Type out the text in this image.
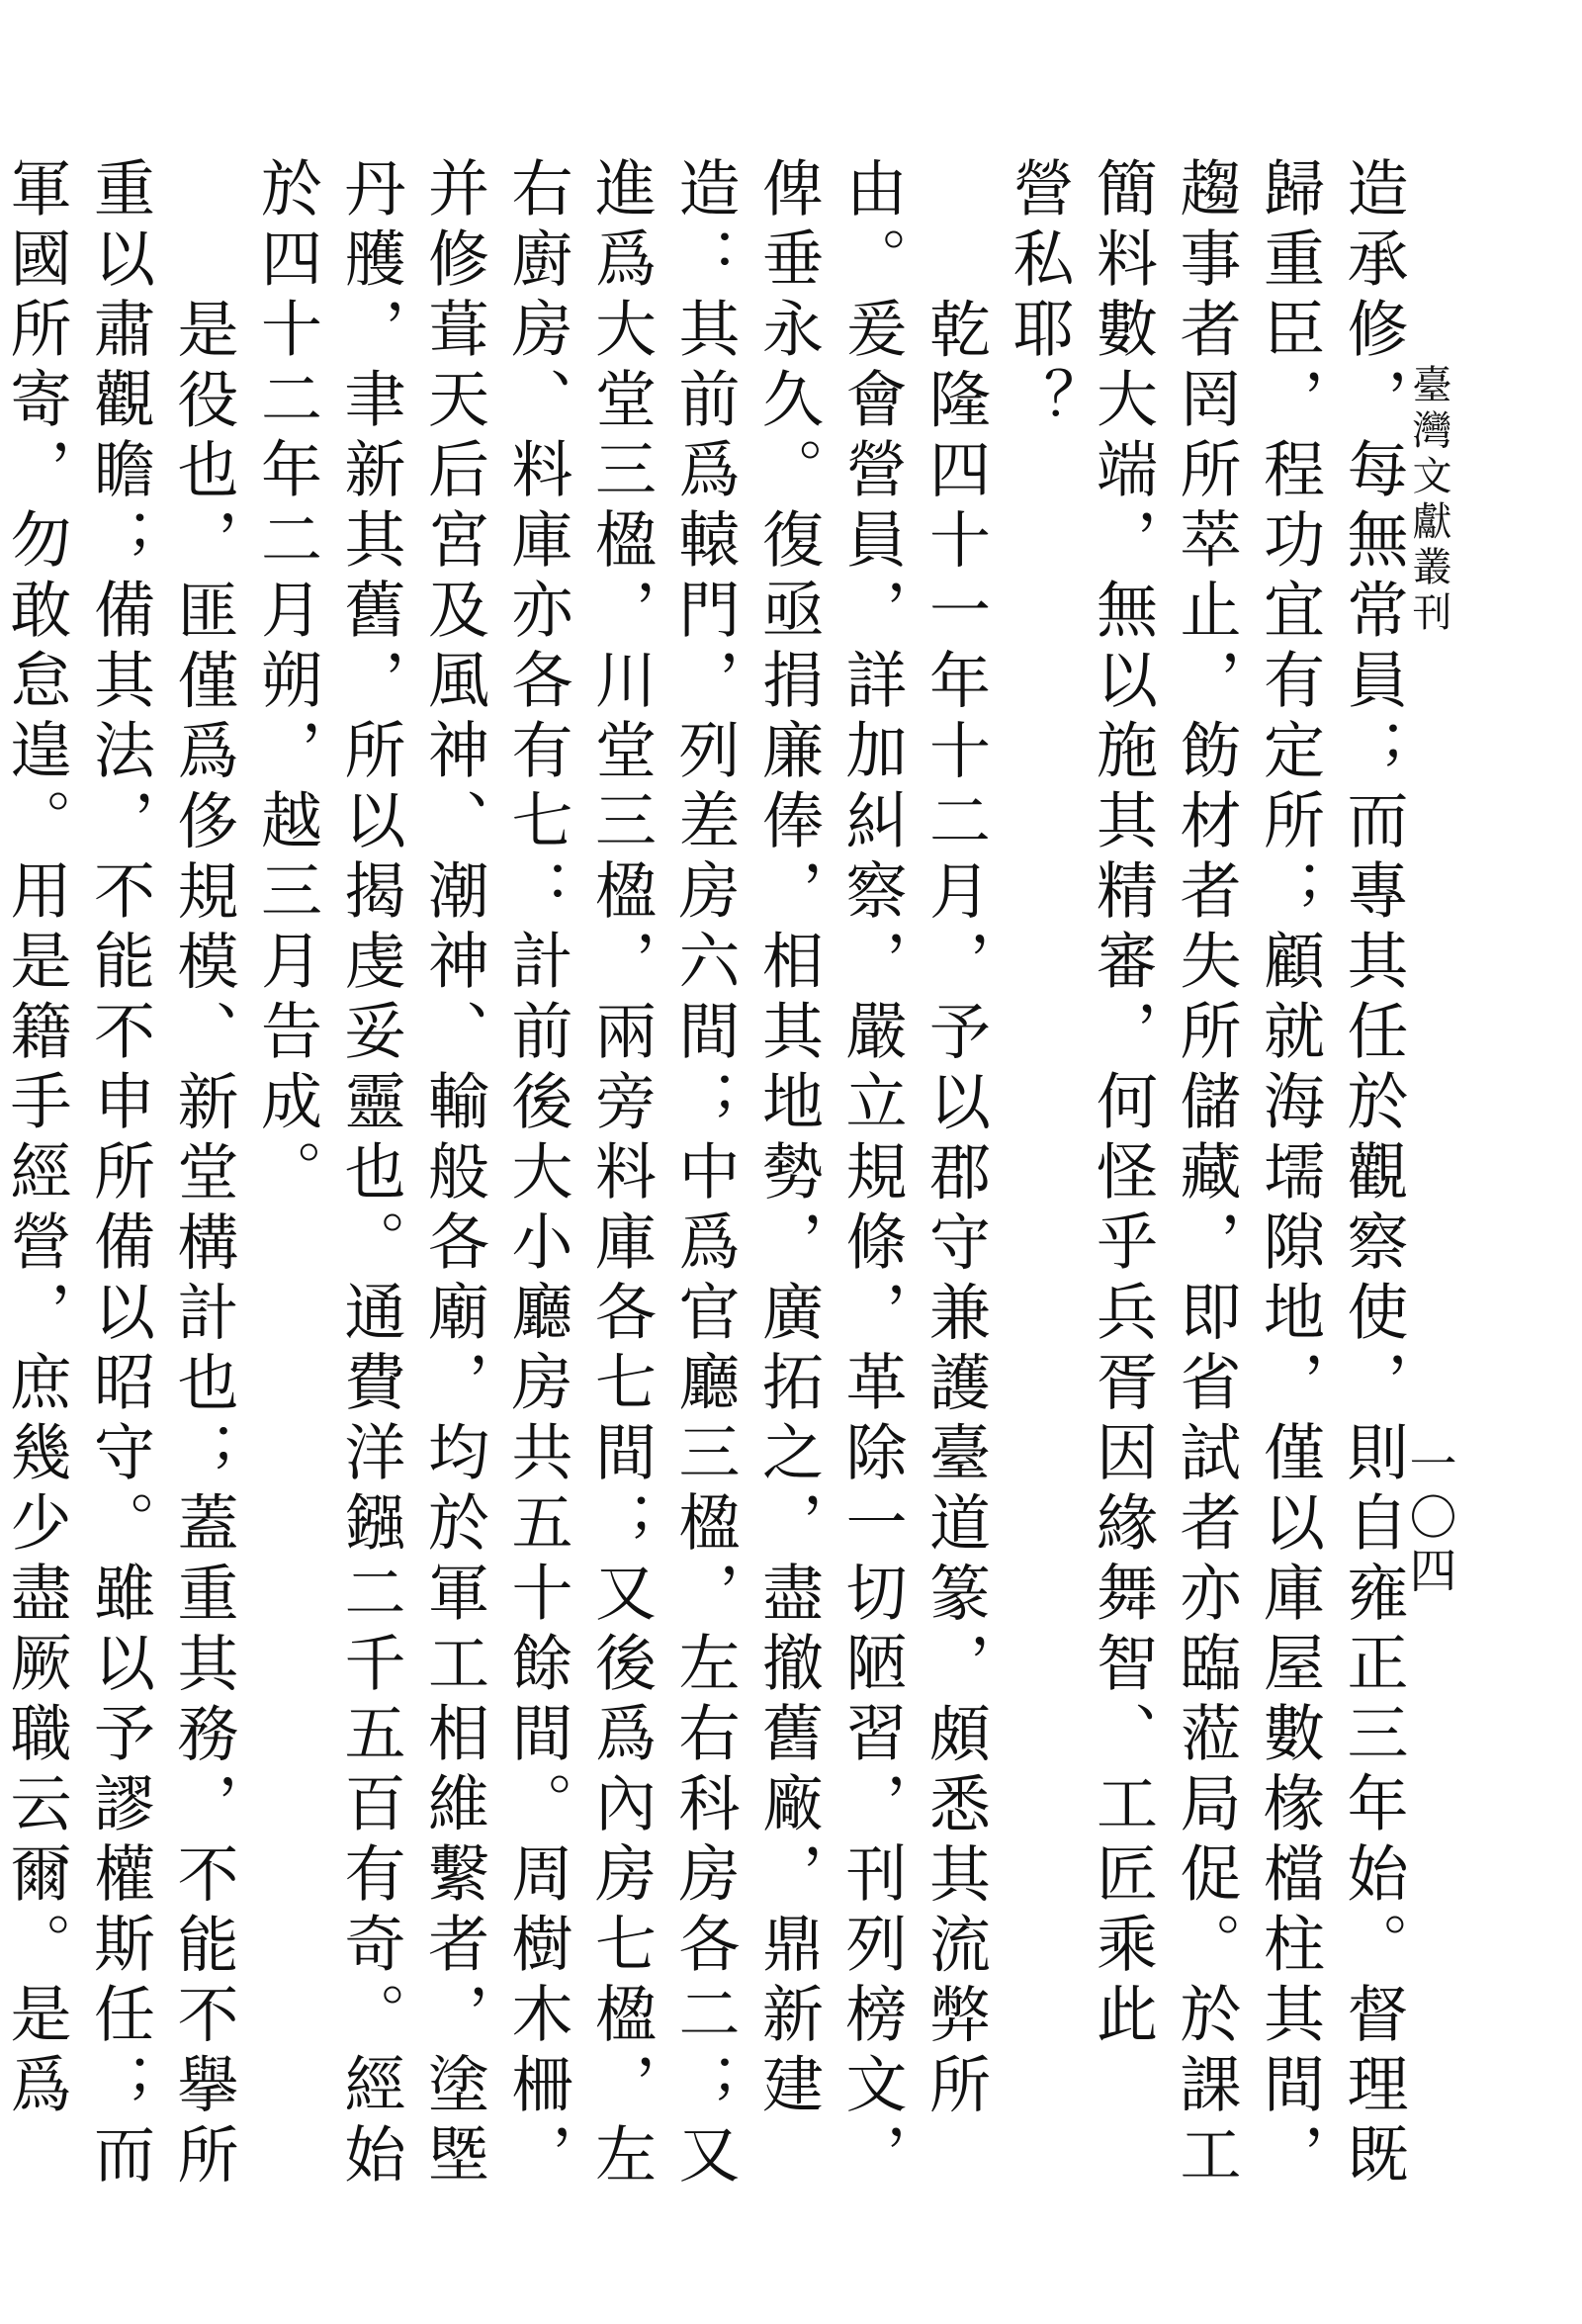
臺灣文獻叢刊
一〇四

造承修，每無常員；而專其任於觀察使，則自雍正三年始。督理既歸重臣，程功宜有定所；顧就海壖隙地，僅以庫屋數椽檔柱其間，趨事者罔所萃止，飭材者失所儲藏，即省試者亦臨蒞局促。於課工簡料數大端，無以施其精審，何怪乎兵胥因緣舞智、工匠乘此

營私耶？

乾隆四十一年十二月，予以郡守兼護臺道篆，頗悉其流弊所由。爰會營員，詳加糾察，嚴立規條，革除一切陋習，刊列榜文，俾垂永久。復亟捐廉俸，相其地勢，廣拓之，盡撤舊廠，鼎新建造：其前爲轅門，列差房六間；中爲官廳三楹，左右科房各二；又進爲大堂三楹，川堂三楹，兩旁料庫各七間；又後爲內房七楹，左右廚房、料庫亦各有七：計前後大小廳房共五十餘間。周樹木柵，并修葺天后宮及風神、潮神、輸般各廟，均於軍工相維繫者，塗塈丹雘，聿新其舊，所以揭虔妥靈也。通費洋鏹二千五百有奇。經始於四十二年二月朔，越三月告成。

是役也，匪僅爲侈規模、新堂構計也；蓋重其務，不能不擧所重以肅觀瞻；備其法，不能不申所備以昭守。雖以予謬權斯任；而軍國所寄，勿敢怠遑。用是籍手經營，庶幾少盡厥職云爾。是爲
